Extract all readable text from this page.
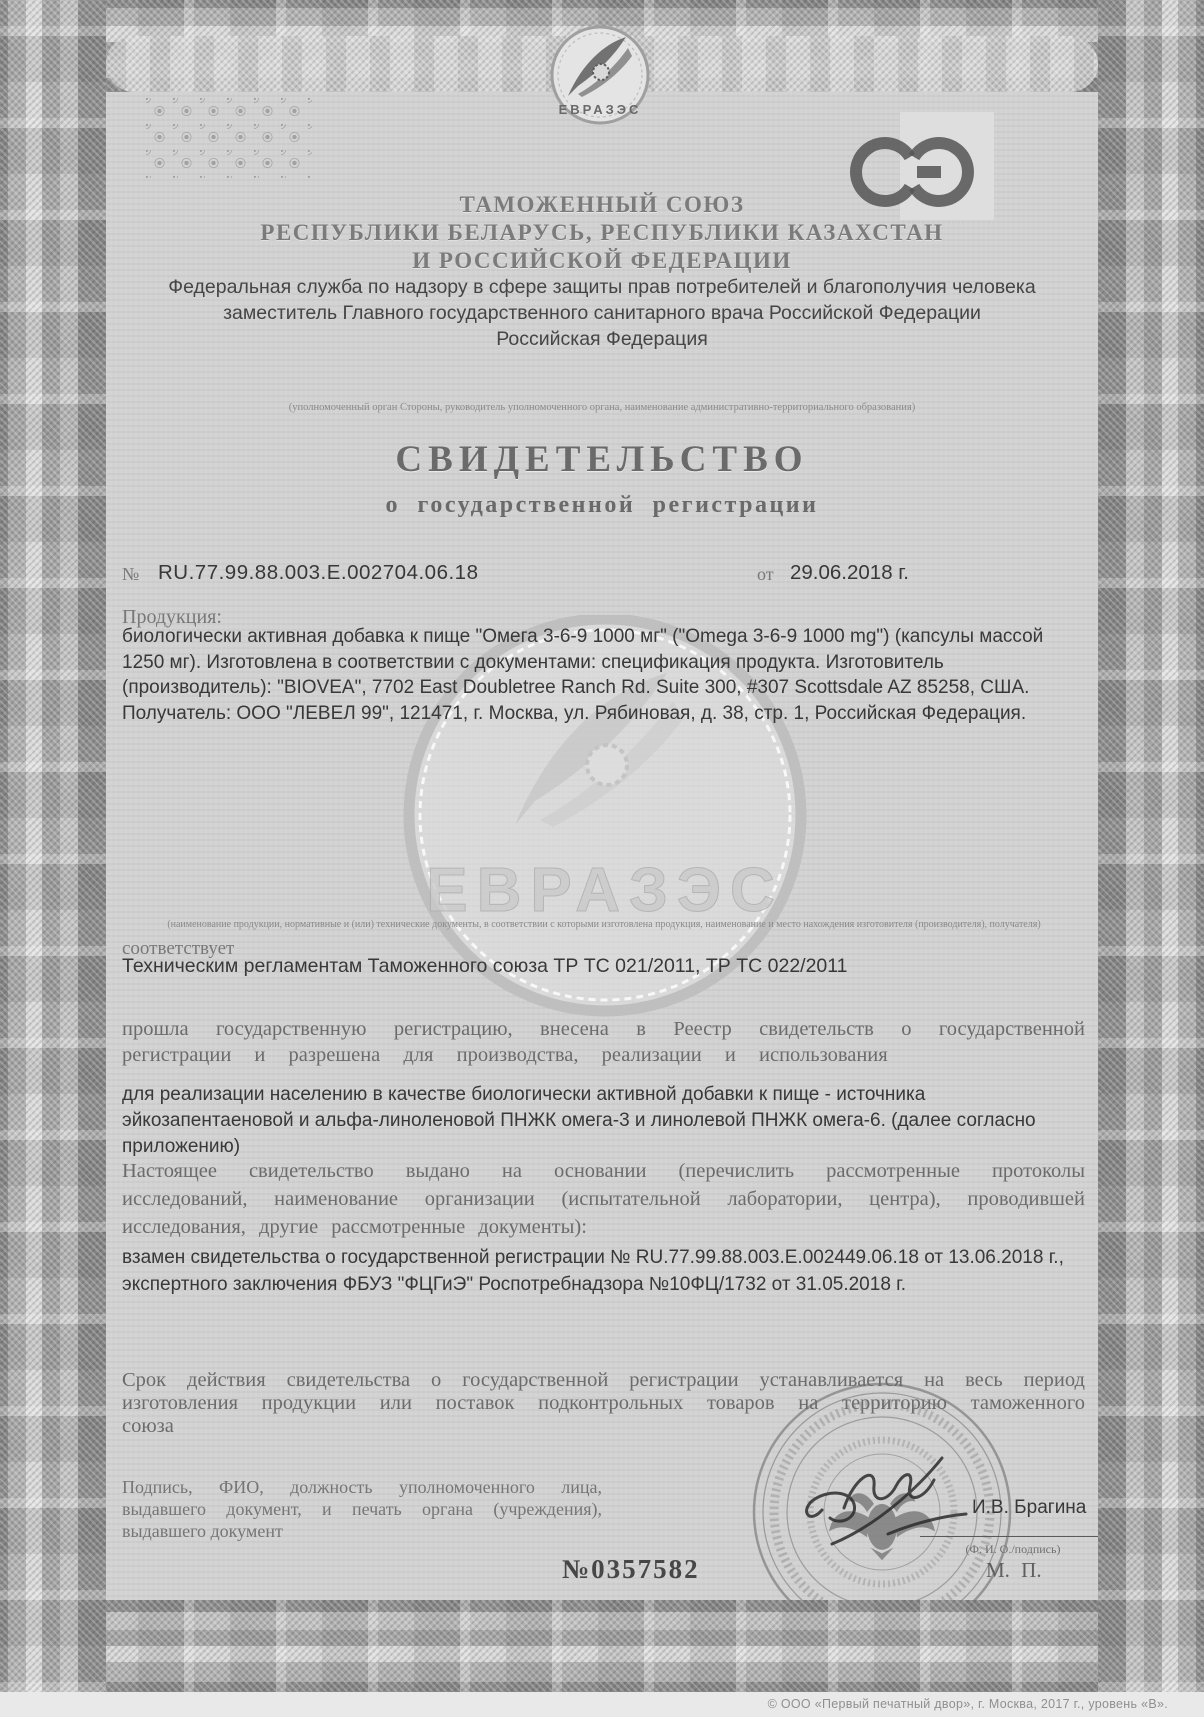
ЕВРАЗЭС
ЕВРАЗЭС
ТАМОЖЕННЫЙ СОЮЗ
РЕСПУБЛИКИ БЕЛАРУСЬ, РЕСПУБЛИКИ КАЗАХСТАН
И РОССИЙСКОЙ ФЕДЕРАЦИИ
Федеральная служба по надзору в сфере защиты прав потребителей и благополучия человека
заместитель Главного государственного санитарного врача Российской Федерации
Российская Федерация
(уполномоченный орган Стороны, руководитель уполномоченного органа, наименование административно-территориального образования)
СВИДЕТЕЛЬСТВО
о государственной регистрации
№ RU.77.99.88.003.E.002704.06.18	от 29.06.2018 г.
Продукция:
биологически активная добавка к пище "Омега 3-6-9 1000 мг" ("Omega 3-6-9 1000 mg") (капсулы массой 1250 мг). Изготовлена в соответствии с документами: спецификация продукта. Изготовитель (производитель): "BIOVEA", 7702 East Doubletree Ranch Rd. Suite 300, #307 Scottsdale AZ 85258, США. Получатель: ООО "ЛЕВЕЛ 99", 121471, г. Москва, ул. Рябиновая, д. 38, стр. 1, Российская Федерация.
(наименование продукции, нормативные и (или) технические документы, в соответствии с которыми изготовлена продукция, наименование и место нахождения изготовителя (производителя), получателя)
соответствует
Техническим регламентам Таможенного союза ТР ТС 021/2011, ТР ТС 022/2011
прошла государственную регистрацию, внесена в Реестр свидетельств о государственной регистрации и разрешена для производства, реализации и использования
для реализации населению в качестве биологически активной добавки к пище - источника эйкозапентаеновой и альфа-линоленовой ПНЖК омега-3 и линолевой ПНЖК омега-6. (далее согласно приложению)
Настоящее свидетельство выдано на основании (перечислить рассмотренные протоколы исследований, наименование организации (испытательной лаборатории, центра), проводившей исследования, другие рассмотренные документы):
взамен свидетельства о государственной регистрации № RU.77.99.88.003.Е.002449.06.18 от 13.06.2018 г., экспертного заключения ФБУЗ "ФЦГиЭ" Роспотребнадзора №10ФЦ/1732 от 31.05.2018 г.
Срок действия свидетельства о государственной регистрации устанавливается на весь период изготовления продукции или поставок подконтрольных товаров на территорию таможенного союза
Подпись, ФИО, должность уполномоченного лица, выдавшего документ, и печать органа (учреждения), выдавшего документ
И.В. Брагина
(Ф. И. О./подпись)
№0357582	М. П.
© ООО «Первый печатный двор», г. Москва, 2017 г., уровень «В».
